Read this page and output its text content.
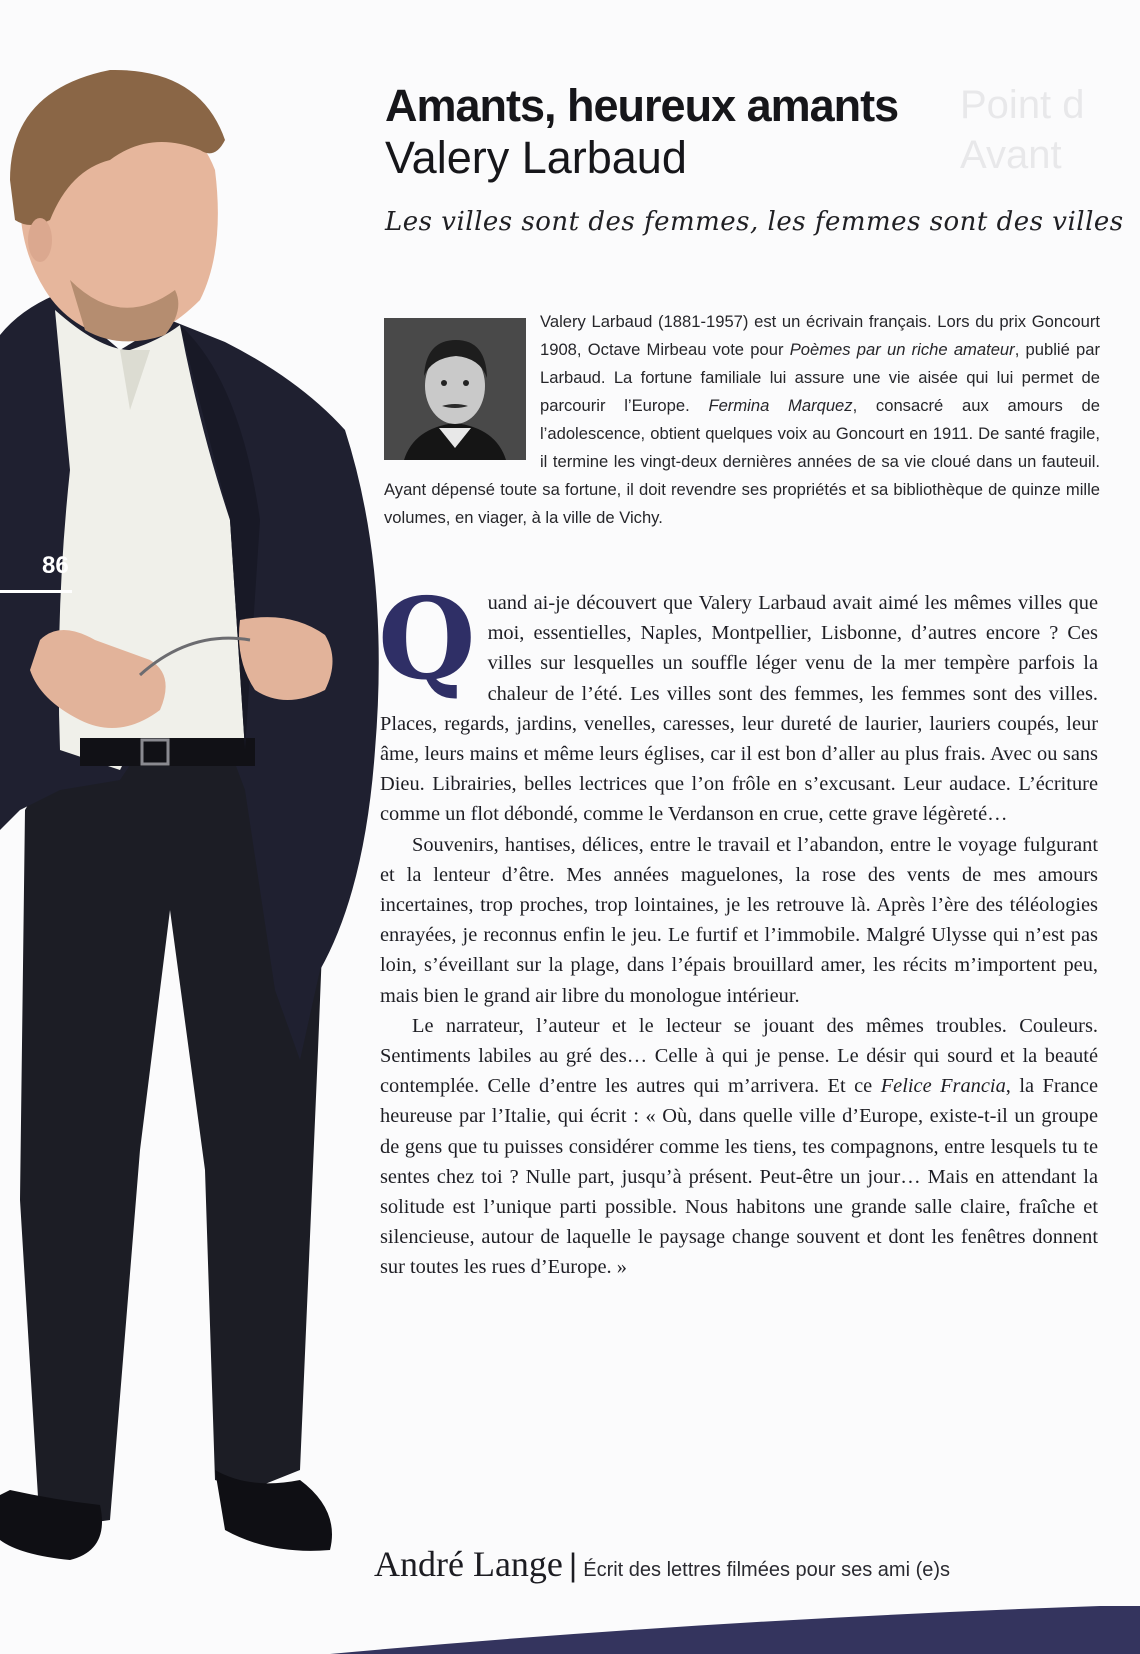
Point d
Avant
86
Amants, heureux amants
Valery Larbaud
Les villes sont des femmes, les femmes sont des villes
Valery Larbaud (1881-1957) est un écrivain français. Lors du prix Goncourt 1908, Octave Mirbeau vote pour Poèmes par un riche amateur, publié par Larbaud. La fortune familiale lui assure une vie aisée qui lui permet de parcourir l’Europe. Fermina Marquez, consacré aux amours de l’adolescence, obtient quelques voix au Goncourt en 1911. De santé fragile, il termine les vingt-deux dernières années de sa vie cloué dans un fauteuil. Ayant dépensé toute sa fortune, il doit revendre ses propriétés et sa bibliothèque de quinze mille volumes, en viager, à la ville de Vichy.

Quand ai-je découvert que Valery Larbaud avait aimé les mêmes villes que moi, essentielles, Naples, Montpellier, Lisbonne, d’autres encore ? Ces villes sur lesquelles un souffle léger venu de la mer tempère parfois la chaleur de l’été. Les villes sont des femmes, les femmes sont des villes. Places, regards, jardins, venelles, caresses, leur dureté de laurier, lauriers coupés, leur âme, leurs mains et même leurs églises, car il est bon d’aller au plus frais. Avec ou sans Dieu. Librairies, belles lectrices que l’on frôle en s’excusant. Leur audace. L’écriture comme un flot débondé, comme le Verdanson en crue, cette grave légèreté…

Souvenirs, hantises, délices, entre le travail et l’abandon, entre le voyage fulgurant et la lenteur d’être. Mes années maguelones, la rose des vents de mes amours incertaines, trop proches, trop lointaines, je les retrouve là. Après l’ère des téléologies enrayées, je reconnus enfin le jeu. Le furtif et l’immobile. Malgré Ulysse qui n’est pas loin, s’éveillant sur la plage, dans l’épais brouillard amer, les récits m’importent peu, mais bien le grand air libre du monologue intérieur.

Le narrateur, l’auteur et le lecteur se jouant des mêmes troubles. Couleurs. Sentiments labiles au gré des… Celle à qui je pense. Le désir qui sourd et la beauté contemplée. Celle d’entre les autres qui m’arrivera. Et ce Felice Francia, la France heureuse par l’Italie, qui écrit : « Où, dans quelle ville d’Europe, existe-t-il un groupe de gens que tu puisses considérer comme les tiens, tes compagnons, entre lesquels tu te sentes chez toi ? Nulle part, jusqu’à présent. Peut-être un jour… Mais en attendant la solitude est l’unique parti possible. Nous habitons une grande salle claire, fraîche et silencieuse, autour de laquelle le paysage change souvent et dont les fenêtres donnent sur toutes les rues d’Europe. »

André Lange | Écrit des lettres filmées pour ses ami (e)s
